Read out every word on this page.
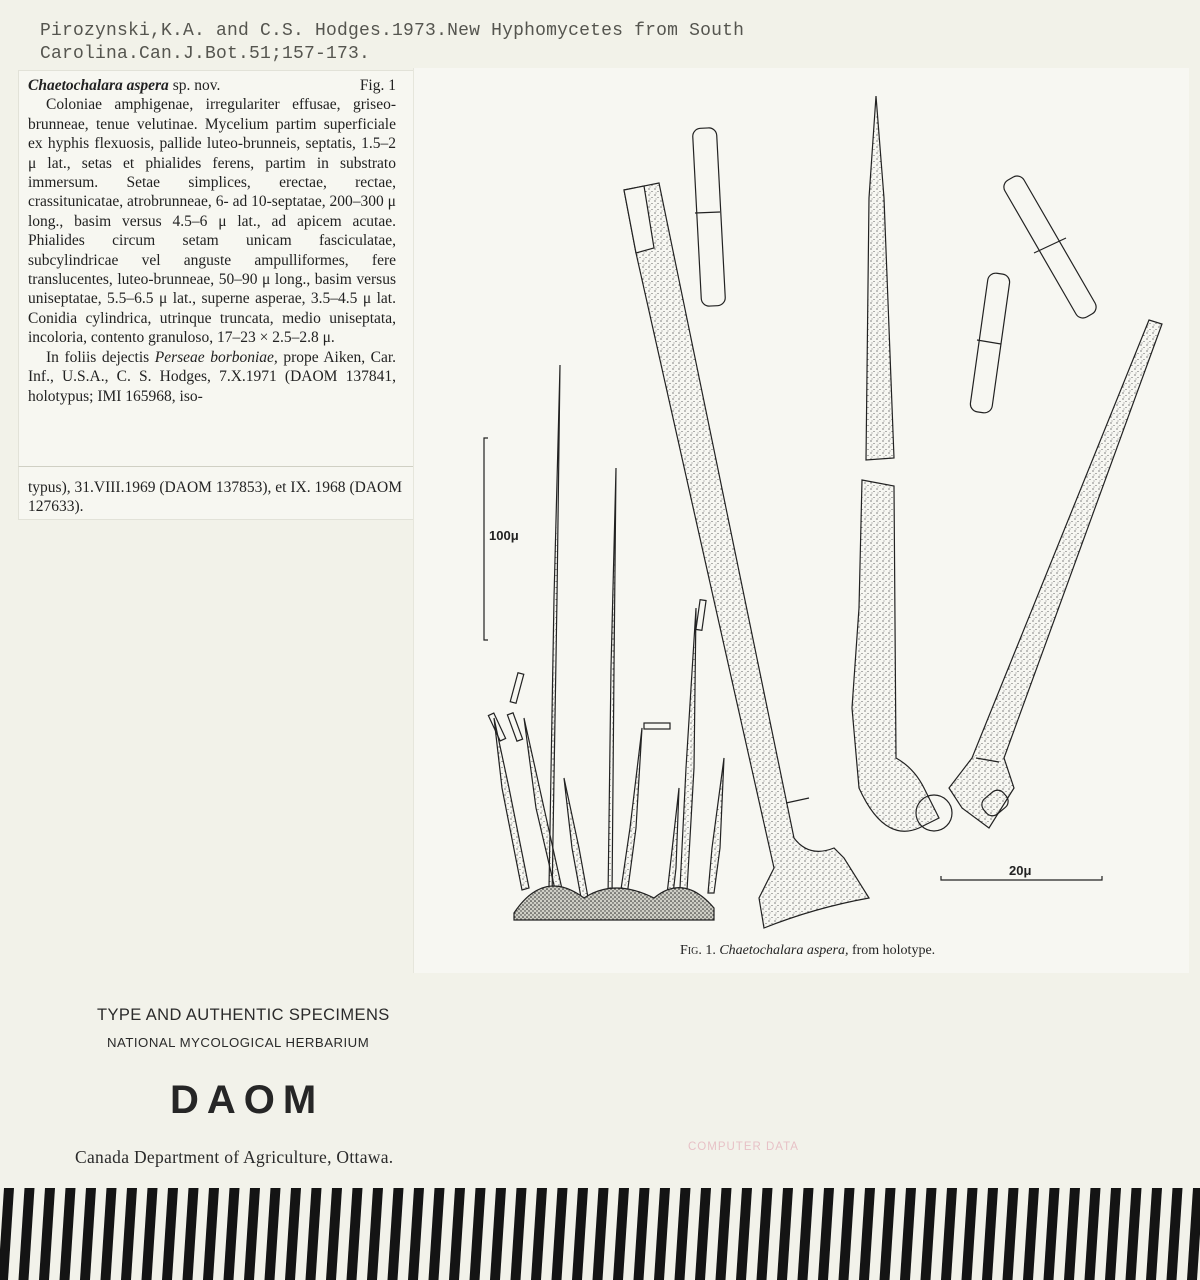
Pirozynski,K.A. and C.S. Hodges.1973.New Hyphomycetes from South
Carolina.Can.J.Bot.51;157-173.

Chaetochalara aspera sp. nov.	Fig. 1

Coloniae amphigenae, irregulariter effusae, griseo-brunneae, tenue velutinae. Mycelium partim superficiale ex hyphis flexuosis, pallide luteo-brunneis, septatis, 1.5–2 μ lat., setas et phialides ferens, partim in substrato immersum. Setae simplices, erectae, rectae, crassitunicatae, atrobrunneae, 6- ad 10-septatae, 200–300 μ long., basim versus 4.5–6 μ lat., ad apicem acutae. Phialides circum setam unicam fasciculatae, subcylindricae vel anguste ampulliformes, fere translucentes, luteo-brunneae, 50–90 μ long., basim versus uniseptatae, 5.5–6.5 μ lat., superne asperae, 3.5–4.5 μ lat. Conidia cylindrica, utrinque truncata, medio uniseptata, incoloria, contento granuloso, 17–23 × 2.5–2.8 μ.

In foliis dejectis Perseae borboniae, prope Aiken, Car. Inf., U.S.A., C. S. Hodges, 7.X.1971 (DAOM 137841, holotypus; IMI 165968, iso-

typus), 31.VIII.1969 (DAOM 137853), et IX. 1968 (DAOM 127633).

100μ
20μ
Fig. 1. Chaetochalara aspera, from holotype.
TYPE AND AUTHENTIC SPECIMENS
NATIONAL MYCOLOGICAL HERBARIUM
DAOM
Canada Department of Agriculture, Ottawa.	COMPUTER DATA
